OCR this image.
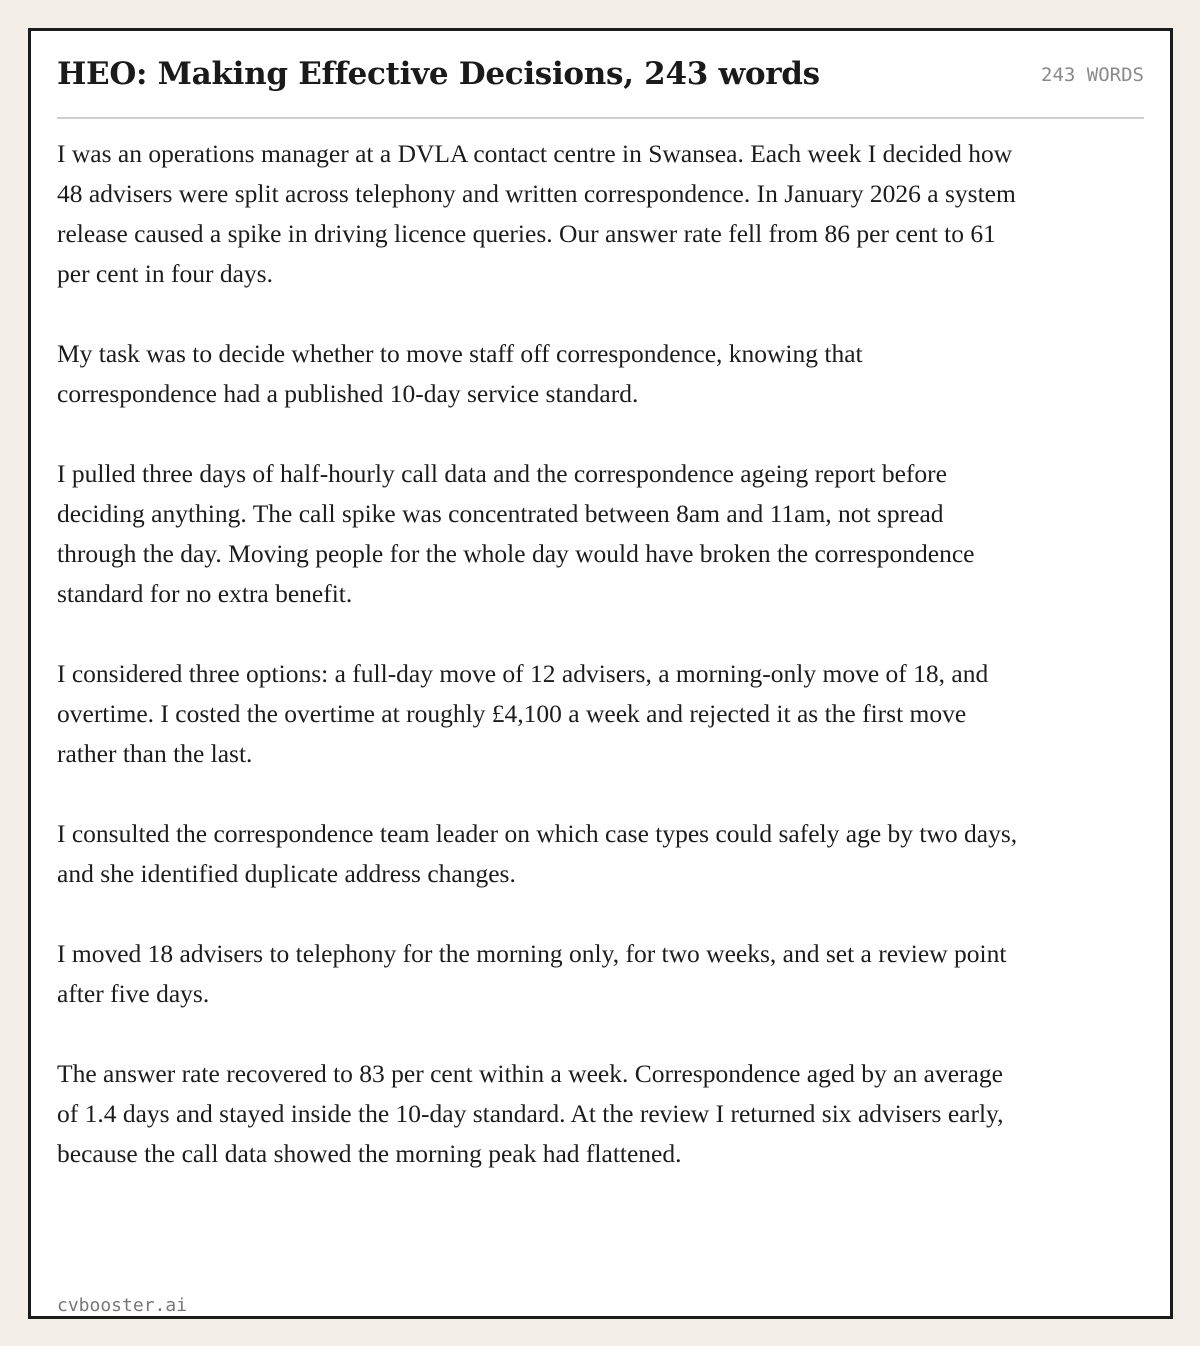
HEO: Making Effective Decisions, 243 words	243 WORDS

I was an operations manager at a DVLA contact centre in Swansea. Each week I decided how 48 advisers were split across telephony and written correspondence. In January 2026 a system release caused a spike in driving licence queries. Our answer rate fell from 86 per cent to 61 per cent in four days.

My task was to decide whether to move staff off correspondence, knowing that correspondence had a published 10-day service standard.

I pulled three days of half-hourly call data and the correspondence ageing report before deciding anything. The call spike was concentrated between 8am and 11am, not spread through the day. Moving people for the whole day would have broken the correspondence standard for no extra benefit.

I considered three options: a full-day move of 12 advisers, a morning-only move of 18, and overtime. I costed the overtime at roughly £4,100 a week and rejected it as the first move rather than the last.

I consulted the correspondence team leader on which case types could safely age by two days, and she identified duplicate address changes.

I moved 18 advisers to telephony for the morning only, for two weeks, and set a review point after five days.

The answer rate recovered to 83 per cent within a week. Correspondence aged by an average of 1.4 days and stayed inside the 10-day standard. At the review I returned six advisers early, because the call data showed the morning peak had flattened.

cvbooster.ai
